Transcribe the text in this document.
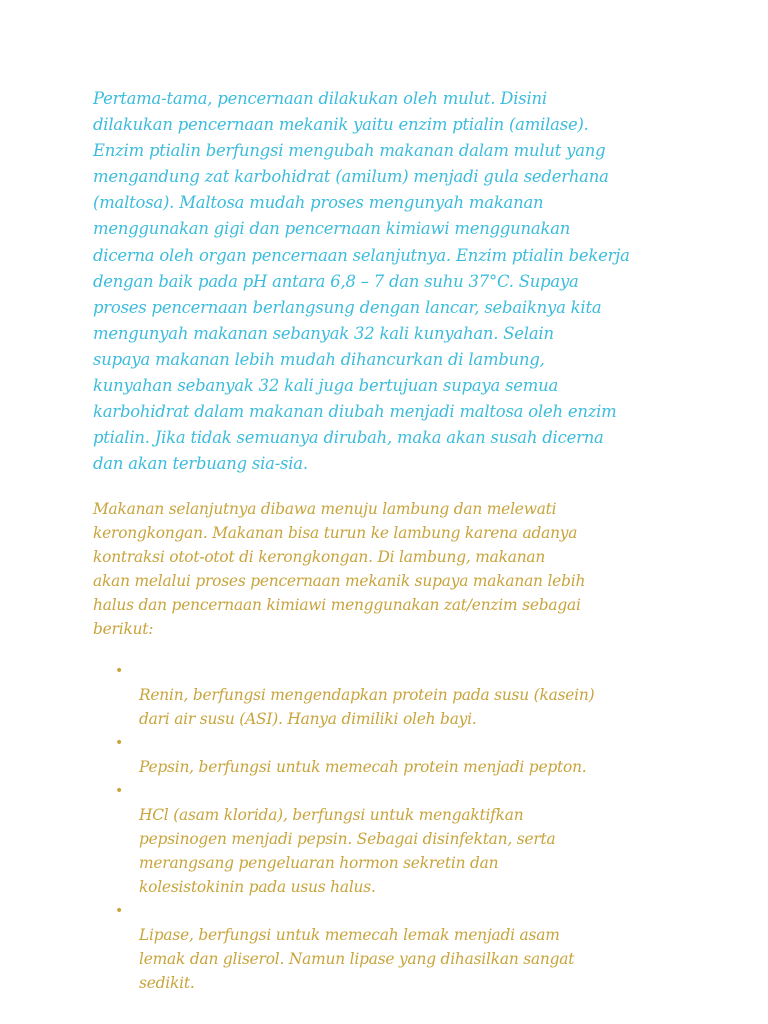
Pertama-tama, pencernaan dilakukan oleh mulut. Disini
dilakukan pencernaan mekanik yaitu enzim ptialin (amilase).
Enzim ptialin berfungsi mengubah makanan dalam mulut yang
mengandung zat karbohidrat (amilum) menjadi gula sederhana
(maltosa). Maltosa mudah proses mengunyah makanan
menggunakan gigi dan pencernaan kimiawi menggunakan
dicerna oleh organ pencernaan selanjutnya. Enzim ptialin bekerja
dengan baik pada pH antara 6,8 – 7 dan suhu 37°C. Supaya
proses pencernaan berlangsung dengan lancar, sebaiknya kita
mengunyah makanan sebanyak 32 kali kunyahan. Selain
supaya makanan lebih mudah dihancurkan di lambung,
kunyahan sebanyak 32 kali juga bertujuan supaya semua
karbohidrat dalam makanan diubah menjadi maltosa oleh enzim
ptialin. Jika tidak semuanya dirubah, maka akan susah dicerna
dan akan terbuang sia-sia.

Makanan selanjutnya dibawa menuju lambung dan melewati
kerongkongan. Makanan bisa turun ke lambung karena adanya
kontraksi otot-otot di kerongkongan. Di lambung, makanan
akan melalui proses pencernaan mekanik supaya makanan lebih
halus dan pencernaan kimiawi menggunakan zat/enzim sebagai
berikut:

•
Renin, berfungsi mengendapkan protein pada susu (kasein)
dari air susu (ASI). Hanya dimiliki oleh bayi.

•
Pepsin, berfungsi untuk memecah protein menjadi pepton.

•
HCl (asam klorida), berfungsi untuk mengaktifkan
pepsinogen menjadi pepsin. Sebagai disinfektan, serta
merangsang pengeluaran hormon sekretin dan
kolesistokinin pada usus halus.

•
Lipase, berfungsi untuk memecah lemak menjadi asam
lemak dan gliserol. Namun lipase yang dihasilkan sangat
sedikit.
